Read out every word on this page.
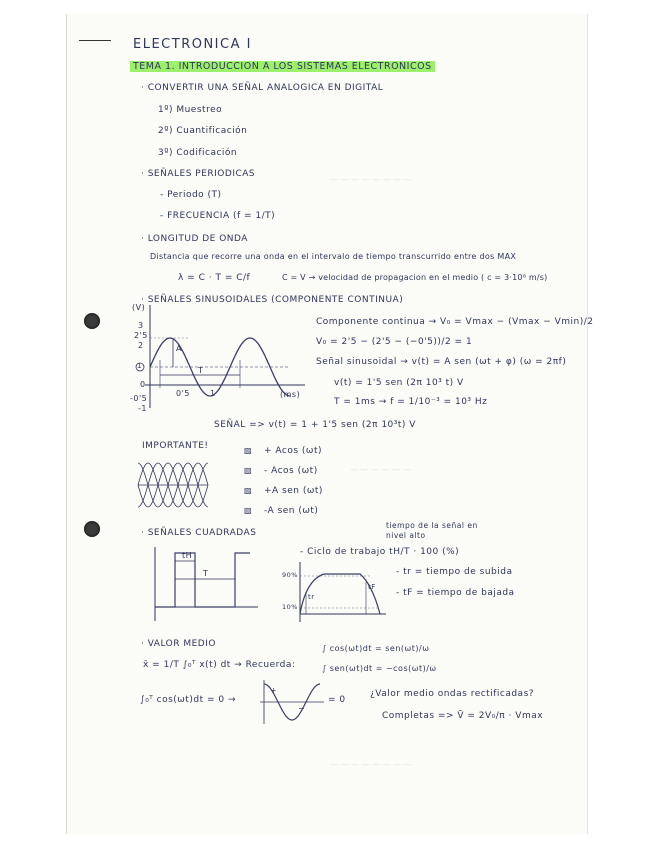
— — — — — — — —
— — — — — —
— — — — — — — —
ELECTRONICA I
TEMA 1. INTRODUCCION A LOS SISTEMAS ELECTRONICOS
· CONVERTIR UNA SEÑAL ANALOGICA EN DIGITAL
1º) Muestreo
2º) Cuantificación
3º) Codificación
· SEÑALES PERIODICAS
- Periodo (T)
- FRECUENCIA (f = 1/T)
· LONGITUD DE ONDA
Distancia que recorre una onda en el intervalo de tiempo transcurrido entre dos MAX
λ = C · T = C/f	C = V → velocidad de propagacion en el medio ( c = 3·10⁸ m/s)
· SEÑALES SINUSOIDALES (COMPONENTE CONTINUA)
Componente continua → V₀ = Vmax − (Vmax − Vmin)/2
V₀ = 2'5 − (2'5 − (−0'5))/2 = 1
Señal sinusoidal → v(t) = A sen (ωt + φ) (ω = 2πf)
v(t) = 1'5 sen (2π 10³ t) V
T = 1ms → f = 1/10⁻³ = 10³ Hz
SEÑAL => v(t) = 1 + 1'5 sen (2π 10³t) V
(V)
3
2'5
2
1
0
-0'5
-1
0'5	1	(ms)
T
A
IMPORTANTE!	▨ + Acos (ωt)
▨ - Acos (ωt)
▨ +A sen (ωt)
▨ -A sen (ωt)
· SEÑALES CUADRADAS
tiempo de la señal en nivel alto
- Ciclo de trabajo tH/T · 100 (%)
- tr = tiempo de subida
- tF = tiempo de bajada
tH
T	90%
10%
tr
tF
· VALOR MEDIO
x̄ = 1/T ∫₀ᵀ x(t) dt → Recuerda:
∫ cos(ωt)dt = sen(ωt)/ω
∫ sen(ωt)dt = −cos(ωt)/ω
∫₀ᵀ cos(ωt)dt = 0 →	= 0
+
−
¿Valor medio ondas rectificadas?
Completas => V̄ = 2V₀/π · Vmax
